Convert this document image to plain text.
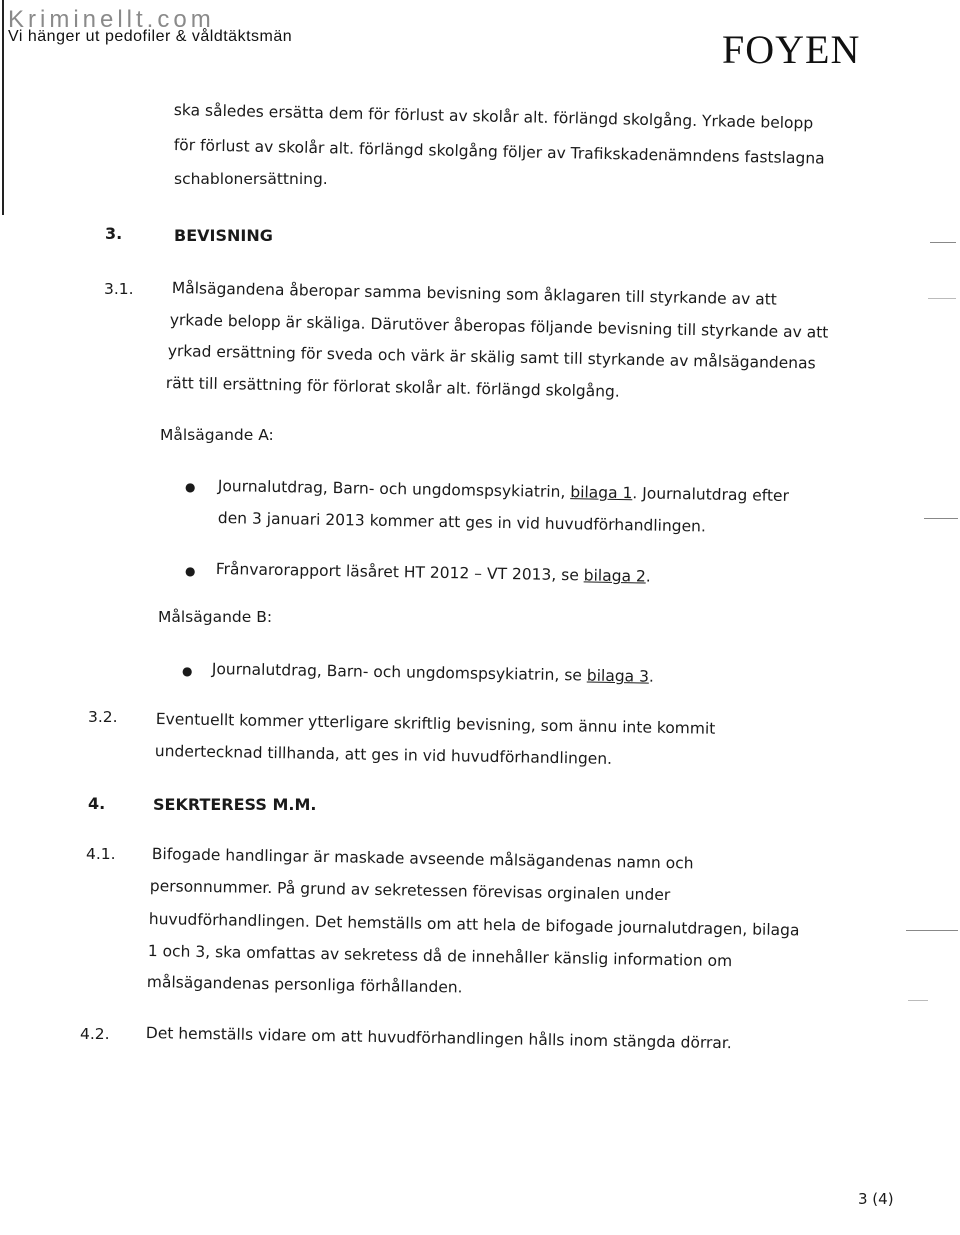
Kriminellt.com
Vi hänger ut pedofiler & våldtäktsmän	FOYEN
ska således ersätta dem för förlust av skolår alt. förlängd skolgång. Yrkade belopp
för förlust av skolår alt. förlängd skolgång följer av Trafikskadenämndens fastslagna
schablonersättning.
3.	BEVISNING
3.1. Målsägandena åberopar samma bevisning som åklagaren till styrkande av att
yrkade belopp är skäliga. Därutöver åberopas följande bevisning till styrkande av att
yrkad ersättning för sveda och värk är skälig samt till styrkande av målsägandenas
rätt till ersättning för förlorat skolår alt. förlängd skolgång.
Målsägande A:
● Journalutdrag, Barn- och ungdomspsykiatrin, bilaga 1. Journalutdrag efter
den 3 januari 2013 kommer att ges in vid huvudförhandlingen.
● Frånvarorapport läsåret HT 2012 – VT 2013, se bilaga 2.
Målsägande B:
● Journalutdrag, Barn- och ungdomspsykiatrin, se bilaga 3.
3.2. Eventuellt kommer ytterligare skriftlig bevisning, som ännu inte kommit
undertecknad tillhanda, att ges in vid huvudförhandlingen.
4.	SEKRTERESS M.M.
4.1. Bifogade handlingar är maskade avseende målsägandenas namn och
personnummer. På grund av sekretessen förevisas orginalen under
huvudförhandlingen. Det hemställs om att hela de bifogade journalutdragen, bilaga
1 och 3, ska omfattas av sekretess då de innehåller känslig information om
målsägandenas personliga förhållanden.
4.2. Det hemställs vidare om att huvudförhandlingen hålls inom stängda dörrar.
3 (4)
